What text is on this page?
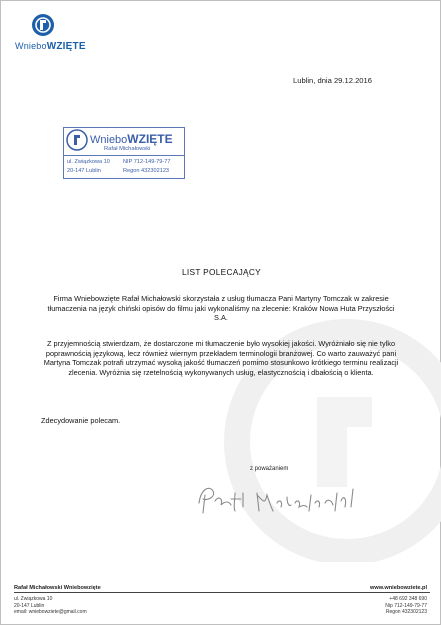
WnieboWZIĘTE
Lublin, dnia 29.12.2016
WnieboWZIĘTE
Rafał Michałowski
ul. Związkowa 10
20-147 Lublin
NIP 712-149-79-77
Regon 432302123
LIST POLECAJĄCY
Firma Wniebowzięte Rafał Michałowski skorzystała z usług tłumacza Pani Martyny Tomczak w zakresie tłumaczenia na język chiński opisów do filmu jaki wykonaliśmy na zlecenie: Kraków Nowa Huta Przyszłości S.A.
Z przyjemnością stwierdzam, że dostarczone mi tłumaczenie było wysokiej jakości. Wyróżniało się nie tylko poprawnością językową, lecz również wiernym przekładem terminologii branżowej. Co warto zauważyć pani Martyna Tomczak potrafi utrzymać wysoką jakość tłumaczeń pomimo stosunkowo krótkiego terminu realizacji zlecenia. Wyróżnia się rzetelnością wykonywanych usług, elastycznością i dbałością o klienta.
Zdecydowanie polecam.
z poważaniem
Rafał Michałowski Wniebowzięte	www.wniebowziete.pl
ul. Związkowa 10
20-147 Lublin
email: wniebowziete@gmail.com
+48 692 348 690
Nip 712-149-79-77
Regon 432302123
